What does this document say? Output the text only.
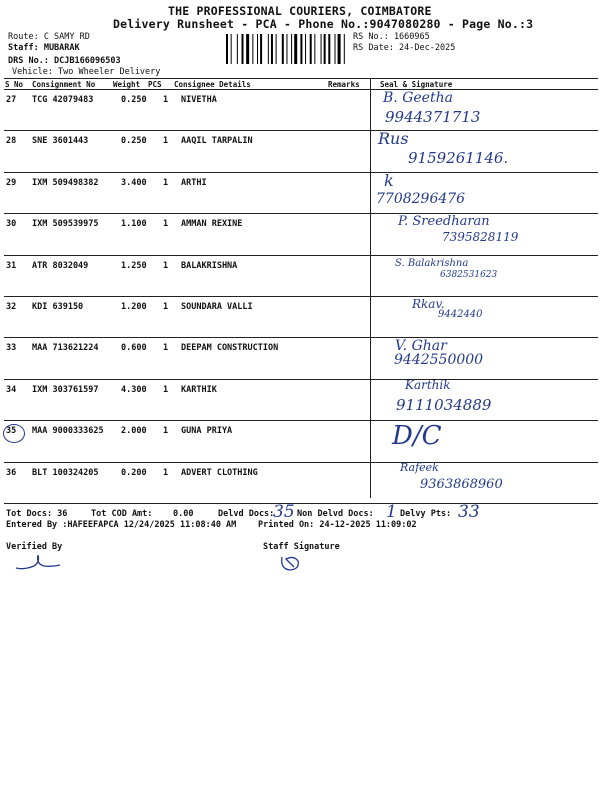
THE PROFESSIONAL COURIERS, COIMBATORE
Delivery Runsheet - PCA - Phone No.:9047080280 - Page No.:3
Route: C SAMY RD
Staff: MUBARAK
DRS No.: DCJB166096503
Vehicle: Two Wheeler Delivery
RS No.: 1660965
RS Date: 24-Dec-2025
S No Consignment No Weight PCS Consignee Details	Remarks	Seal & Signature
27 TCG 42079483	0.250 1 NIVETHA	B. Geetha
9944371713
28 SNE 3601443	0.250 1 AAQIL TARPALIN	Rus
9159261146.
29 IXM 509498382	3.400 1 ARTHI	k
7708296476
30 IXM 509539975	1.100 1 AMMAN REXINE	P. Sreedharan
7395828119
31 ATR 8032049	1.250 1 BALAKRISHNA	S. Balakrishna
6382531623
32 KDI 639150	1.200 1 SOUNDARA VALLI	Rkav.
9442440
33 MAA 713621224	0.600 1 DEEPAM CONSTRUCTION	V. Ghar
9442550000
34 IXM 303761597	4.300 1 KARTHIK	Karthik
9111034889
35 MAA 9000333625 2.000 1 GUNA PRIYA	D/C
36 BLT 100324205	0.200 1 ADVERT CLOTHING	Rafeek
9363868960
Tot Docs: 36	Tot COD Amt: 0.00	Delvd Docs:
35 Non Delvd Docs: 1 Delvy Pts: 33
Entered By :HAFEEFAPCA 12/24/2025 11:08:40 AM	Printed On: 24-12-2025 11:09:02
Verified By	Staff Signature
